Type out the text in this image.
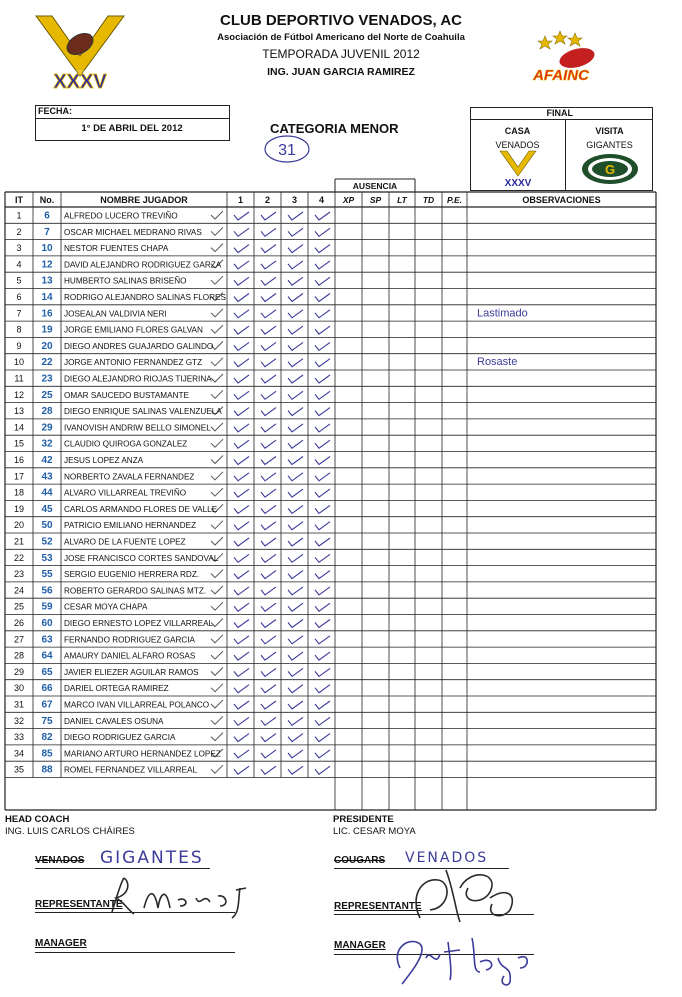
XXXV
CLUB DEPORTIVO VENADOS, AC
Asociación de Fútbol Americano del Norte de Coahuila
TEMPORADA JUVENIL 2012
ING. JUAN GARCIA RAMIREZ	AFAINC
FECHA:
1° DE ABRIL DEL 2012	CATEGORIA MENOR
31
FINAL
CASA	VISITA
VENADOS	GIGANTES
XXXV
G
AUSENCIA
IT No.	NOMBRE JUGADOR	1 2 3 4 XP SP LT TD P.E.	OBSERVACIONES
1 6 ALFREDO LUCERO TREVIÑO
2 7 OSCAR MICHAEL MEDRANO RIVAS
3 10 NESTOR FUENTES CHAPA
4 12 DAVID ALEJANDRO RODRIGUEZ GARZA
5 13 HUMBERTO SALINAS BRISEÑO
6 14 RODRIGO ALEJANDRO SALINAS FLORES
7 16 JOSEALAN VALDIVIA NERI	Lastimado
8 19 JORGE EMILIANO FLORES GALVAN
9 20 DIEGO ANDRES GUAJARDO GALINDO
10 22 JORGE ANTONIO FERNANDEZ GTZ	Rosaste
11 23 DIEGO ALEJANDRO RIOJAS TIJERINA
12 25 OMAR SAUCEDO BUSTAMANTE
13 28 DIEGO ENRIQUE SALINAS VALENZUELA
14 29 IVANOVISH ANDRIW BELLO SIMONEL
15 32 CLAUDIO QUIROGA GONZALEZ
16 42 JESUS LOPEZ ANZA
17 43 NORBERTO ZAVALA FERNANDEZ
18 44 ALVARO VILLARREAL TREVIÑO
19 45 CARLOS ARMANDO FLORES DE VALLE
20 50 PATRICIO EMILIANO HERNANDEZ
21 52 ALVARO DE LA FUENTE LOPEZ
22 53 JOSE FRANCISCO CORTES SANDOVAL
23 55 SERGIO EUGENIO HERRERA RDZ.
24 56 ROBERTO GERARDO SALINAS MTZ.
25 59 CESAR MOYA CHAPA
26 60 DIEGO ERNESTO LOPEZ VILLARREAL
27 63 FERNANDO RODRIGUEZ GARCIA
28 64 AMAURY DANIEL ALFARO ROSAS
29 65 JAVIER ELIEZER AGUILAR RAMOS
30 66 DARIEL ORTEGA RAMIREZ
31 67 MARCO IVAN VILLARREAL POLANCO
32 75 DANIEL CAVALES OSUNA
33 82 DIEGO RODRIGUEZ GARCIA
34 85 MARIANO ARTURO HERNANDEZ LOPEZ
35 88 ROMEL FERNANDEZ VILLARREAL
HEAD COACH
ING. LUIS CARLOS CHÁIRES
PRESIDENTE
LIC. CESAR MOYA
VENADOS GIGANTES	COUGARS VENADOS
REPRESENTANTE	REPRESENTANTE
MANAGER	MANAGER
